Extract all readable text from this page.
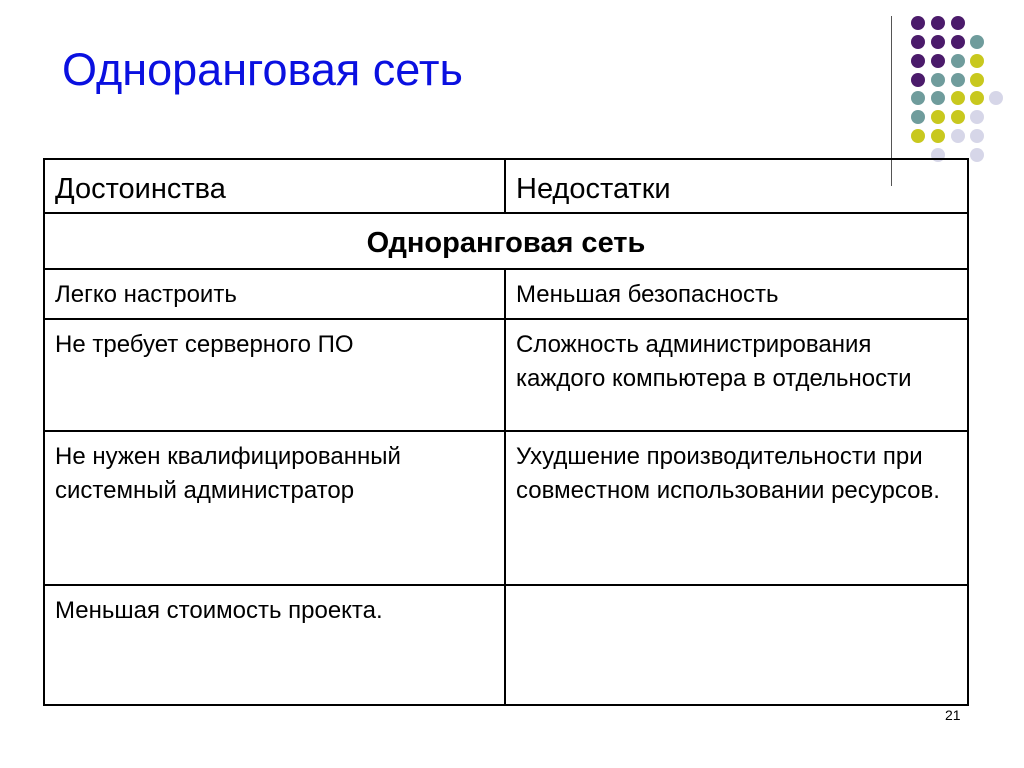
Одноранговая сеть
Достоинства	Недостатки
Одноранговая сеть	
Легко настроить	Меньшая безопасность
Не требует серверного ПО	Сложность администрирования каждого компьютера в отдельности
Не нужен квалифицированный системный администратор	Ухудшение производительности при совместном использовании ресурсов.
Меньшая стоимость проекта.	
21
